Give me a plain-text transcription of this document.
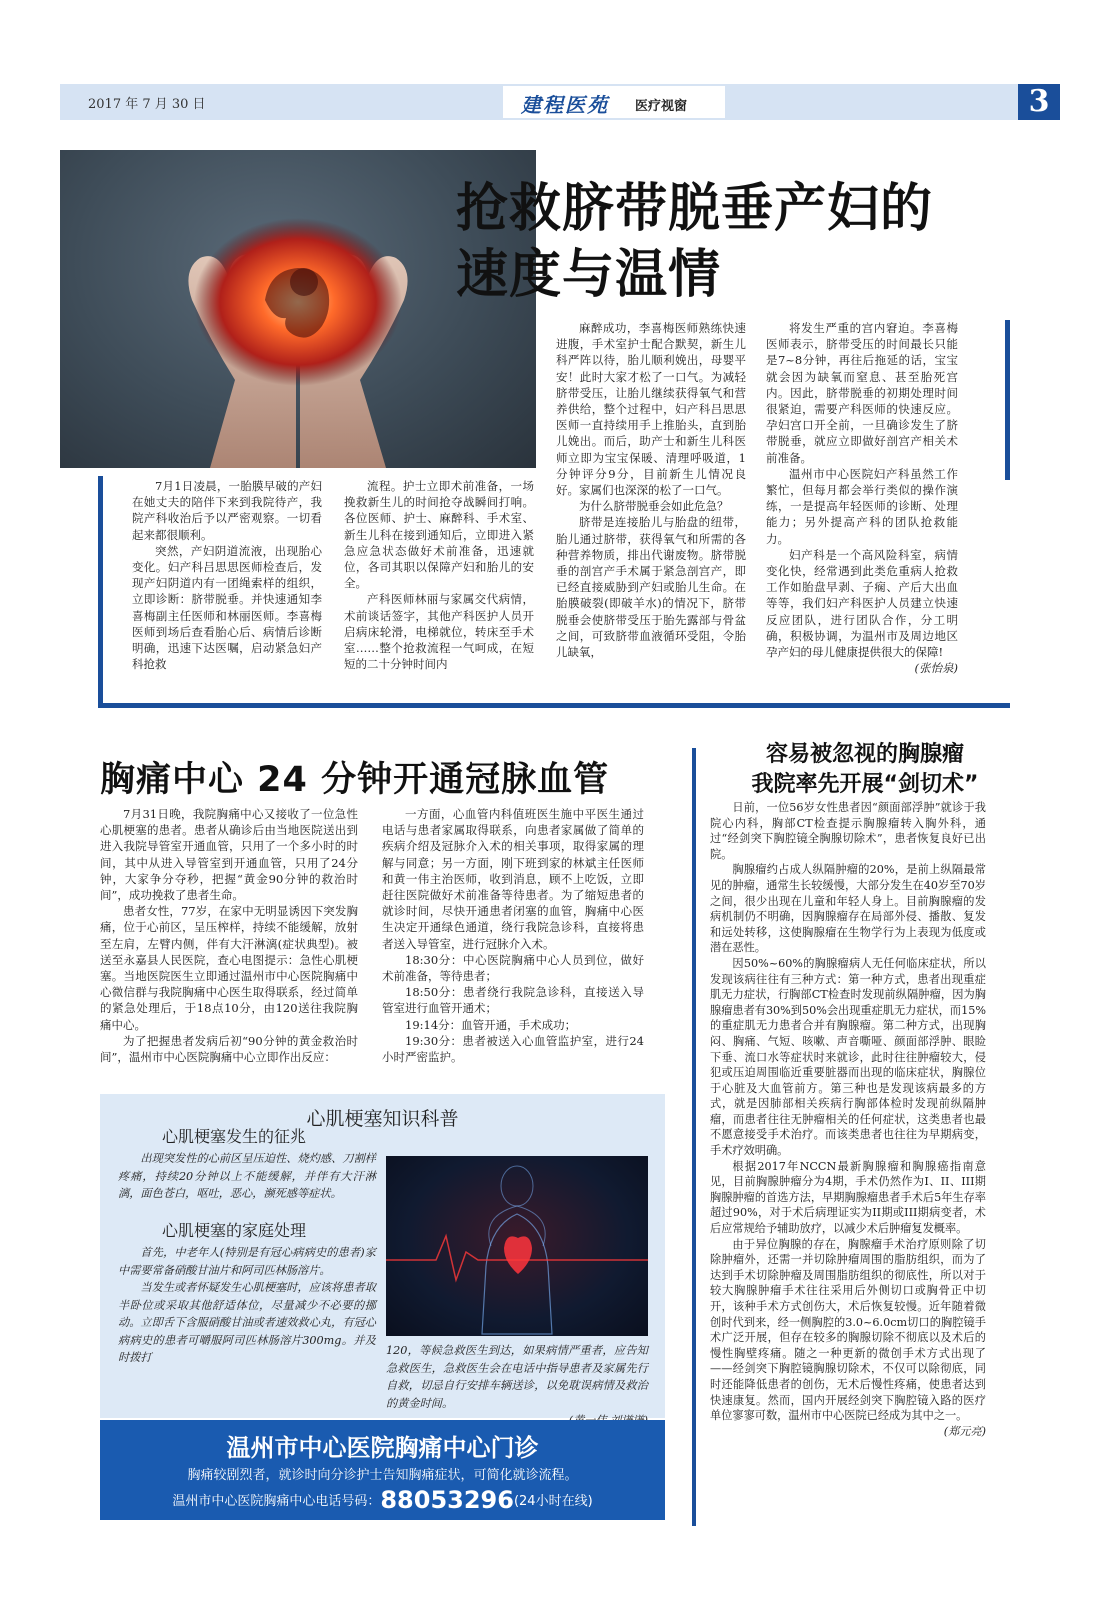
2017 年 7 月 30 日	建程医苑 医疗视窗	3
抢救脐带脱垂产妇的
速度与温情

7月1日凌晨，一胎膜早破的产妇在她丈夫的陪伴下来到我院待产，我院产科收治后予以严密观察。一切看起来都很顺利。

突然，产妇阴道流液，出现胎心变化。妇产科吕思思医师检查后，发现产妇阴道内有一团绳索样的组织，立即诊断：脐带脱垂。并快速通知李喜梅副主任医师和林丽医师。李喜梅医师到场后查看胎心后、病情后诊断明确，迅速下达医嘱，启动紧急妇产科抢救

流程。护士立即术前准备，一场挽救新生儿的时间抢夺战瞬间打响。各位医师、护士、麻醉科、手术室、新生儿科在接到通知后，立即进入紧急应急状态做好术前准备，迅速就位，各司其职以保障产妇和胎儿的安全。

产科医师林丽与家属交代病情，术前谈话签字，其他产科医护人员开启病床轮滑，电梯就位，转床至手术室……整个抢救流程一气呵成，在短短的二十分钟时间内

麻醉成功，李喜梅医师熟练快速进腹，手术室护士配合默契，新生儿科严阵以待，胎儿顺利娩出，母婴平安！此时大家才松了一口气。为减轻脐带受压，让胎儿继续获得氧气和营养供给，整个过程中，妇产科吕思思医师一直持续用手上推胎头，直到胎儿娩出。而后，助产士和新生儿科医师立即为宝宝保暖、清理呼吸道，1分钟评分9分，目前新生儿情况良好。家属们也深深的松了一口气。

为什么脐带脱垂会如此危急？

脐带是连接胎儿与胎盘的纽带，胎儿通过脐带，获得氧气和所需的各种营养物质，排出代谢废物。脐带脱垂的剖宫产手术属于紧急剖宫产，即已经直接威胁到产妇或胎儿生命。在胎膜破裂(即破羊水)的情况下，脐带脱垂会使脐带受压于胎先露部与骨盆之间，可致脐带血液循环受阻，令胎儿缺氧，

将发生严重的宫内窘迫。李喜梅医师表示，脐带受压的时间最长只能是7~8分钟，再往后拖延的话，宝宝就会因为缺氧而窒息、甚至胎死宫内。因此，脐带脱垂的初期处理时间很紧迫，需要产科医师的快速反应。孕妇宫口开全前，一旦确诊发生了脐带脱垂，就应立即做好剖宫产相关术前准备。

温州市中心医院妇产科虽然工作繁忙，但每月都会举行类似的操作演练，一是提高年轻医师的诊断、处理能力；另外提高产科的团队抢救能力。

妇产科是一个高风险科室，病情变化快，经常遇到此类危重病人抢救工作如胎盘早剥、子痫、产后大出血等等，我们妇产科医护人员建立快速反应团队，进行团队合作，分工明确，积极协调，为温州市及周边地区孕产妇的母儿健康提供很大的保障!

(张怡泉)
胸痛中心 24 分钟开通冠脉血管

7月31日晚，我院胸痛中心又接收了一位急性心肌梗塞的患者。患者从确诊后由当地医院送出到进入我院导管室开通血管，只用了一个多小时的时间，其中从进入导管室到开通血管，只用了24分钟，大家争分夺秒，把握“黄金90分钟的救治时间”，成功挽救了患者生命。

患者女性，77岁，在家中无明显诱因下突发胸痛，位于心前区，呈压榨样，持续不能缓解，放射至左肩，左臂内侧，伴有大汗淋漓(症状典型)。被送至永嘉县人民医院，查心电图提示：急性心肌梗塞。当地医院医生立即通过温州市中心医院胸痛中心微信群与我院胸痛中心医生取得联系，经过简单的紧急处理后，于18点10分，由120送往我院胸痛中心。

为了把握患者发病后初“90分钟的黄金救治时间”，温州市中心医院胸痛中心立即作出反应：

一方面，心血管内科值班医生施中平医生通过电话与患者家属取得联系，向患者家属做了简单的疾病介绍及冠脉介入术的相关事项，取得家属的理解与同意；另一方面，刚下班到家的林斌主任医师和黄一伟主治医师，收到消息，顾不上吃饭，立即赶往医院做好术前准备等待患者。为了缩短患者的就诊时间，尽快开通患者闭塞的血管，胸痛中心医生决定开通绿色通道，绕行我院急诊科，直接将患者送入导管室，进行冠脉介入术。

18:30分：中心医院胸痛中心人员到位，做好术前准备，等待患者；

18:50分：患者绕行我院急诊科，直接送入导管室进行血管开通术；

19:14分：血管开通，手术成功；

19:30分：患者被送入心血管监护室，进行24小时严密监护。

心肌梗塞知识科普
心肌梗塞发生的征兆

出现突发性的心前区呈压迫性、烧灼感、刀割样疼痛，持续20分钟以上不能缓解，并伴有大汗淋漓，面色苍白，呕吐，恶心，濒死感等症状。

心肌梗塞的家庭处理

首先，中老年人(特别是有冠心病病史的患者)家中需要常备硝酸甘油片和阿司匹林肠溶片。

当发生或者怀疑发生心肌梗塞时，应该将患者取半卧位或采取其他舒适体位，尽量减少不必要的挪动。立即舌下含服硝酸甘油或者速效救心丸，有冠心病病史的患者可嚼服阿司匹林肠溶片300mg。并及时拨打

120，等候急救医生到达，如果病情严重者，应告知急救医生，急救医生会在电话中指导患者及家属先行自救，切忌自行安排车辆送诊，以免耽误病情及救治的黄金时间。
温州市中心医院胸痛中心门诊
胸痛较剧烈者，就诊时向分诊护士告知胸痛症状，可简化就诊流程。
温州市中心医院胸痛中心电话号码：88053296(24小时在线)
容易被忽视的胸腺瘤
我院率先开展“剑切术”

日前，一位56岁女性患者因“颜面部浮肿”就诊于我院心内科，胸部CT检查提示胸腺瘤转入胸外科，通过“经剑突下胸腔镜全胸腺切除术”，患者恢复良好已出院。

胸腺瘤约占成人纵隔肿瘤的20%，是前上纵隔最常见的肿瘤，通常生长较缓慢，大部分发生在40岁至70岁之间，很少出现在儿童和年轻人身上。目前胸腺瘤的发病机制仍不明确，因胸腺瘤存在局部外侵、播散、复发和远处转移，这使胸腺瘤在生物学行为上表现为低度或潜在恶性。

因50%~60%的胸腺瘤病人无任何临床症状，所以发现该病往往有三种方式：第一种方式，患者出现重症肌无力症状，行胸部CT检查时发现前纵隔肿瘤，因为胸腺瘤患者有30%到50%会出现重症肌无力症状，而15%的重症肌无力患者合并有胸腺瘤。第二种方式，出现胸闷、胸痛、气短、咳嗽、声音嘶哑、颜面部浮肿、眼睑下垂、流口水等症状时来就诊，此时往往肿瘤较大，侵犯或压迫周围临近重要脏器而出现的临床症状，胸腺位于心脏及大血管前方。第三种也是发现该病最多的方式，就是因肺部相关疾病行胸部体检时发现前纵隔肿瘤，而患者往往无肿瘤相关的任何症状，这类患者也最不愿意接受手术治疗。而该类患者也往往为早期病变，手术疗效明确。

根据2017年NCCN最新胸腺瘤和胸腺癌指南意见，目前胸腺肿瘤分为4期，手术仍然作为I、II、III期胸腺肿瘤的首选方法，早期胸腺瘤患者手术后5年生存率超过90%，对于术后病理证实为II期或III期病变者，术后应常规给予辅助放疗，以减少术后肿瘤复发概率。

由于异位胸腺的存在，胸腺瘤手术治疗原则除了切除肿瘤外，还需一并切除肿瘤周围的脂肪组织，而为了达到手术切除肿瘤及周围脂肪组织的彻底性，所以对于较大胸腺肿瘤手术往往采用后外侧切口或胸骨正中切开，该种手术方式创伤大，术后恢复较慢。近年随着微创时代到来，经一侧胸腔的3.0~6.0cm切口的胸腔镜手术广泛开展，但存在较多的胸腺切除不彻底以及术后的慢性胸壁疼痛。随之一种更新的微创手术方式出现了——经剑突下胸腔镜胸腺切除术，不仅可以除彻底，同时还能降低患者的创伤，无术后慢性疼痛，使患者达到快速康复。然而，国内开展经剑突下胸腔镜入路的医疗单位寥寥可数，温州市中心医院已经成为其中之一。

(郑元亮)
